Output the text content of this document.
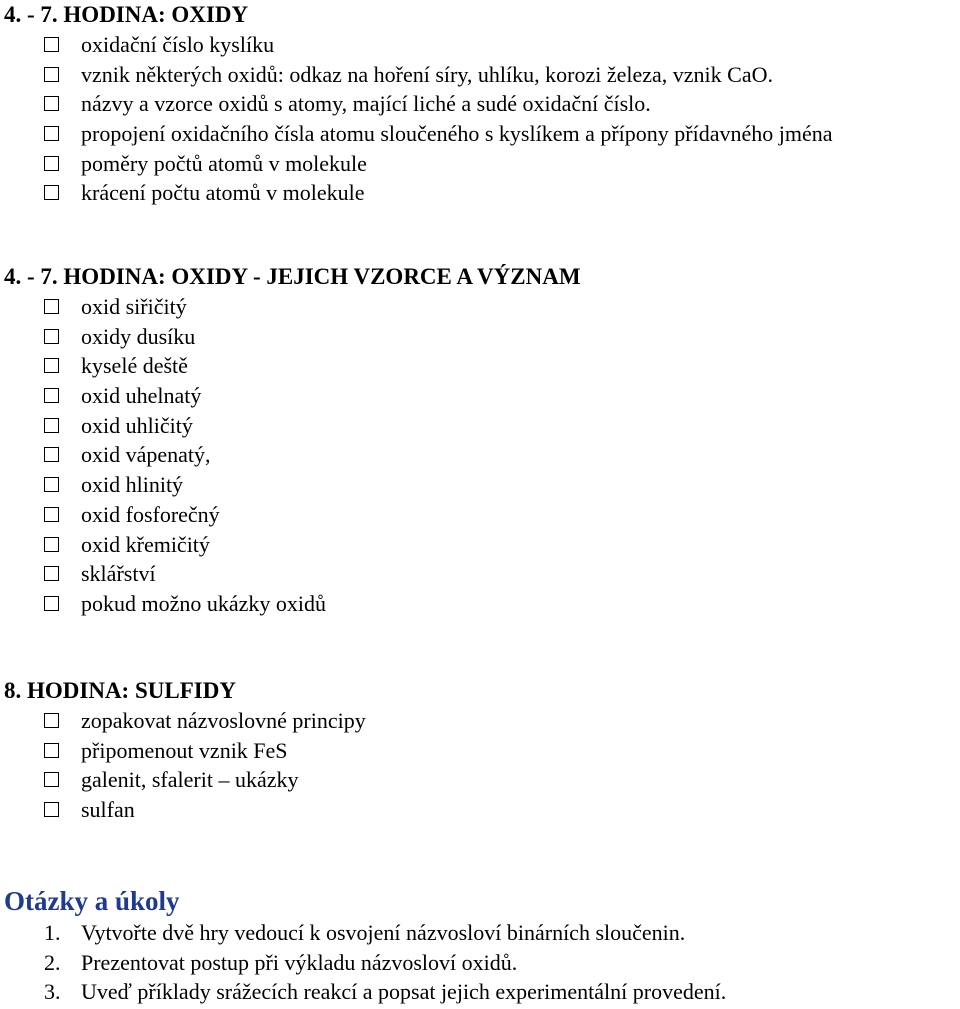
4. - 7. HODINA: OXIDY
oxidační číslo kyslíku
vznik některých oxidů: odkaz na hoření síry, uhlíku, korozi železa, vznik CaO.
názvy a vzorce oxidů s atomy, mající liché a sudé oxidační číslo.
propojení oxidačního čísla atomu sloučeného s kyslíkem a přípony přídavného jména
poměry počtů atomů v molekule
krácení počtu atomů v molekule
4. - 7. HODINA: OXIDY - JEJICH VZORCE A VÝZNAM
oxid siřičitý
oxidy dusíku
kyselé deště
oxid uhelnatý
oxid uhličitý
oxid vápenatý,
oxid hlinitý
oxid fosforečný
oxid křemičitý
sklářství
pokud možno ukázky oxidů
8. HODINA: SULFIDY
zopakovat názvoslovné principy
připomenout vznik FeS
galenit, sfalerit – ukázky
sulfan
Otázky a úkoly
1. Vytvořte dvě hry vedoucí k osvojení názvosloví binárních sloučenin.
2. Prezentovat postup při výkladu názvosloví oxidů.
3. Uveď příklady srážecích reakcí a popsat jejich experimentální provedení.
